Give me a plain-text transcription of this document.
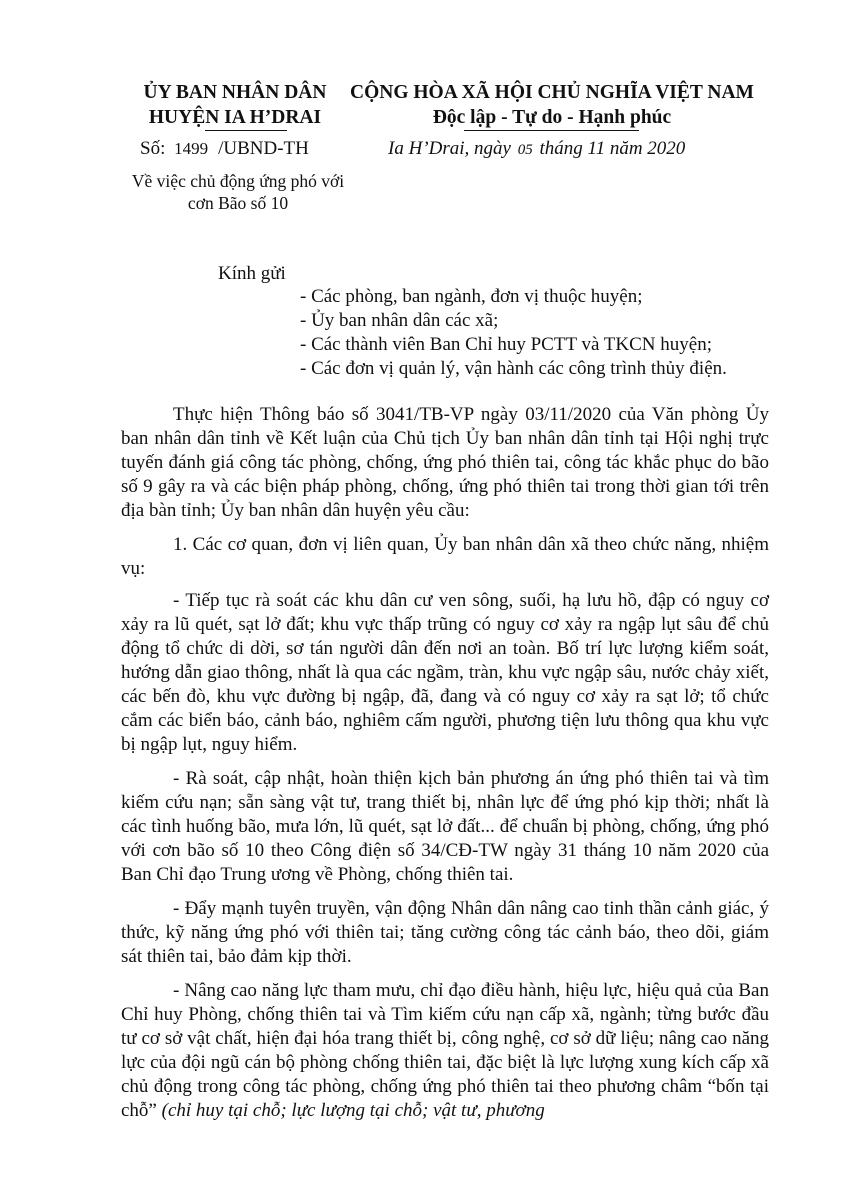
ỦY BAN NHÂN DÂN
HUYỆN IA H’DRAI
CỘNG HÒA XÃ HỘI CHỦ NGHĨA VIỆT NAM
Độc lập - Tự do - Hạnh phúc
Số: 1499 /UBND-TH	Ia H’Drai, ngày 05 tháng 11 năm 2020
Về việc chủ động ứng phó với
cơn Bão số 10
Kính gửi
- Các phòng, ban ngành, đơn vị thuộc huyện;
- Ủy ban nhân dân các xã;
- Các thành viên Ban Chỉ huy PCTT và TKCN huyện;
- Các đơn vị quản lý, vận hành các công trình thủy điện.

Thực hiện Thông báo số 3041/TB-VP ngày 03/11/2020 của Văn phòng Ủy ban nhân dân tỉnh về Kết luận của Chủ tịch Ủy ban nhân dân tỉnh tại Hội nghị trực tuyến đánh giá công tác phòng, chống, ứng phó thiên tai, công tác khắc phục do bão số 9 gây ra và các biện pháp phòng, chống, ứng phó thiên tai trong thời gian tới trên địa bàn tỉnh; Ủy ban nhân dân huyện yêu cầu:

1. Các cơ quan, đơn vị liên quan, Ủy ban nhân dân xã theo chức năng, nhiệm vụ:

- Tiếp tục rà soát các khu dân cư ven sông, suối, hạ lưu hồ, đập có nguy cơ xảy ra lũ quét, sạt lở đất; khu vực thấp trũng có nguy cơ xảy ra ngập lụt sâu để chủ động tổ chức di dời, sơ tán người dân đến nơi an toàn. Bố trí lực lượng kiểm soát, hướng dẫn giao thông, nhất là qua các ngầm, tràn, khu vực ngập sâu, nước chảy xiết, các bến đò, khu vực đường bị ngập, đã, đang và có nguy cơ xảy ra sạt lở; tổ chức cắm các biển báo, cảnh báo, nghiêm cấm người, phương tiện lưu thông qua khu vực bị ngập lụt, nguy hiểm.

- Rà soát, cập nhật, hoàn thiện kịch bản phương án ứng phó thiên tai và tìm kiếm cứu nạn; sẵn sàng vật tư, trang thiết bị, nhân lực để ứng phó kịp thời; nhất là các tình huống bão, mưa lớn, lũ quét, sạt lở đất... để chuẩn bị phòng, chống, ứng phó với cơn bão số 10 theo Công điện số 34/CĐ-TW ngày 31 tháng 10 năm 2020 của Ban Chỉ đạo Trung ương về Phòng, chống thiên tai.

- Đẩy mạnh tuyên truyền, vận động Nhân dân nâng cao tinh thần cảnh giác, ý thức, kỹ năng ứng phó với thiên tai; tăng cường công tác cảnh báo, theo dõi, giám sát thiên tai, bảo đảm kịp thời.

- Nâng cao năng lực tham mưu, chỉ đạo điều hành, hiệu lực, hiệu quả của Ban Chỉ huy Phòng, chống thiên tai và Tìm kiếm cứu nạn cấp xã, ngành; từng bước đầu tư cơ sở vật chất, hiện đại hóa trang thiết bị, công nghệ, cơ sở dữ liệu; nâng cao năng lực của đội ngũ cán bộ phòng chống thiên tai, đặc biệt là lực lượng xung kích cấp xã chủ động trong công tác phòng, chống ứng phó thiên tai theo phương châm “bốn tại chỗ” (chỉ huy tại chỗ; lực lượng tại chỗ; vật tư, phương
